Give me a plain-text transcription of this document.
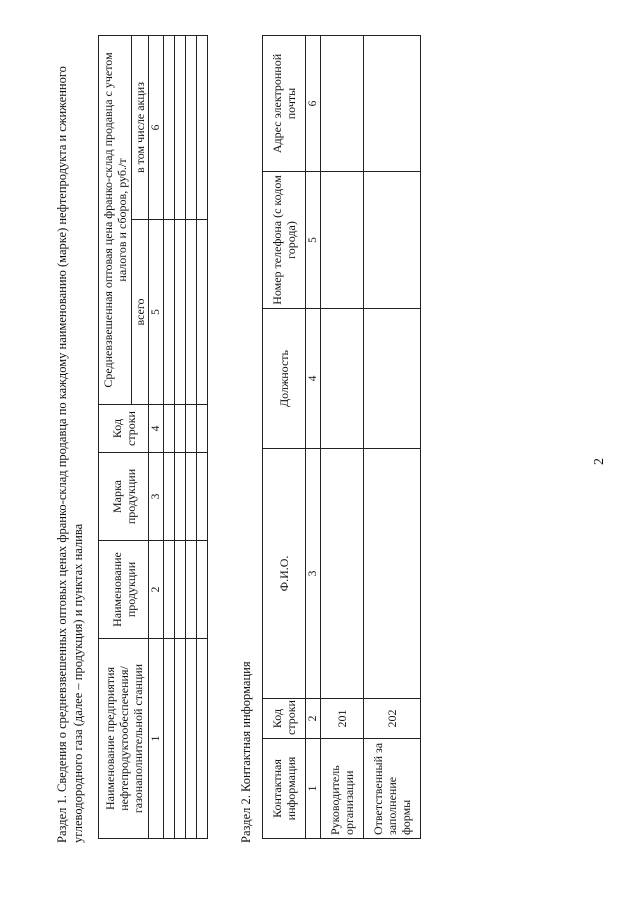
2
Раздел 1. Сведения о средневзвешенных оптовых ценах франко-склад продавца по каждому наименованию (марке) нефтепродукта и сжиженного углеводородного газа (далее – продукция) и пунктах налива Наименование предприятия нефтепродуктообеспечения/ газонаполнительной станции	Наименование продукции	Марка продукции	Код строки	Средневзвешенная оптовая цена франко-склад продавца с учетом налогов и сборов, руб./т	
				всего	в том числе акциз
1	2	3	4	5	6

Раздел 2. Контактная информация Контактная информация	Код строки	Ф.И.О.	Должность	Номер телефона (с кодом города)	Адрес электронной почты
1	2	3	4	5	6
Руководитель организации	201				
Ответственный за заполнение формы	202				
